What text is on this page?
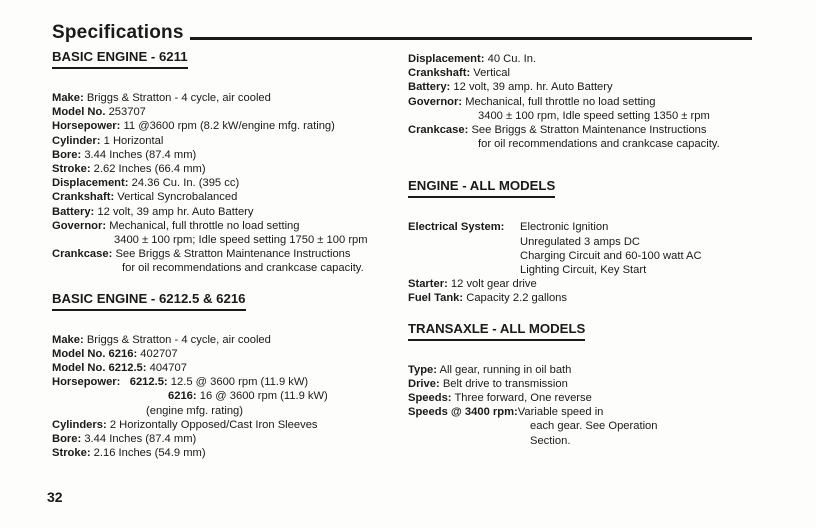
Specifications
BASIC ENGINE - 6211
Make: Briggs & Stratton - 4 cycle, air cooled
Model No. 253707
Horsepower: 11 @3600 rpm (8.2 kW/engine mfg. rating)
Cylinder: 1 Horizontal
Bore: 3.44 Inches (87.4 mm)
Stroke: 2.62 Inches (66.4 mm)
Displacement: 24.36 Cu. In. (395 cc)
Crankshaft: Vertical Syncrobalanced
Battery: 12 volt, 39 amp hr. Auto Battery
Governor: Mechanical, full throttle no load setting
3400 ± 100 rpm; Idle speed setting 1750 ± 100 rpm
Crankcase: See Briggs & Stratton Maintenance Instructions
for oil recommendations and crankcase capacity.
BASIC ENGINE - 6212.5 & 6216
Make: Briggs & Stratton - 4 cycle, air cooled
Model No. 6216: 402707
Model No. 6212.5: 404707
Horsepower: 6212.5: 12.5 @ 3600 rpm (11.9 kW)
6216: 16 @ 3600 rpm (11.9 kW)
(engine mfg. rating)
Cylinders: 2 Horizontally Opposed/Cast Iron Sleeves
Bore: 3.44 Inches (87.4 mm)
Stroke: 2.16 Inches (54.9 mm)
Displacement: 40 Cu. In.
Crankshaft: Vertical
Battery: 12 volt, 39 amp. hr. Auto Battery
Governor: Mechanical, full throttle no load setting
3400 ± 100 rpm, Idle speed setting 1350 ± rpm
Crankcase: See Briggs & Stratton Maintenance Instructions
for oil recommendations and crankcase capacity.
ENGINE - ALL MODELS
Electrical System:	Electronic Ignition
Unregulated 3 amps DC
Charging Circuit and 60-100 watt AC
Lighting Circuit, Key Start
Starter: 12 volt gear drive
Fuel Tank: Capacity 2.2 gallons
TRANSAXLE - ALL MODELS
Type: All gear, running in oil bath
Drive: Belt drive to transmission
Speeds: Three forward, One reverse
Speeds @ 3400 rpm:Variable speed in
each gear. See Operation
Section.
32
